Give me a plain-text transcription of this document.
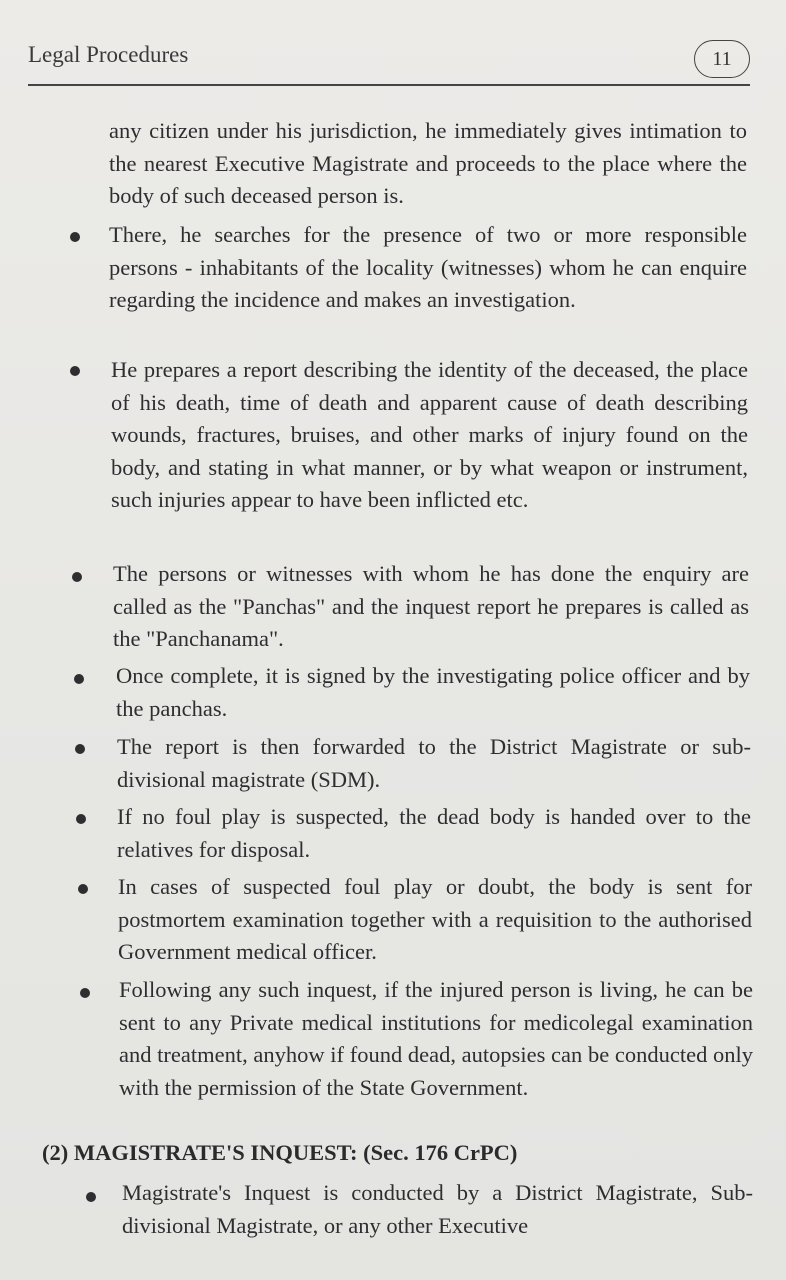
Legal Procedures	11
any citizen under his jurisdiction, he immediately gives intimation to the nearest Executive Magistrate and proceeds to the place where the body of such deceased person is.
There, he searches for the presence of two or more responsible persons - inhabitants of the locality (witnesses) whom he can enquire regarding the incidence and makes an investigation.
He prepares a report describing the identity of the deceased, the place of his death, time of death and apparent cause of death describing wounds, fractures, bruises, and other marks of injury found on the body, and stating in what manner, or by what weapon or instrument, such injuries appear to have been inflicted etc.
The persons or witnesses with whom he has done the enquiry are called as the "Panchas" and the inquest report he prepares is called as the "Panchanama".
Once complete, it is signed by the investigating police officer and by the panchas.
The report is then forwarded to the District Magistrate or sub-divisional magistrate (SDM).
If no foul play is suspected, the dead body is handed over to the relatives for disposal.
In cases of suspected foul play or doubt, the body is sent for postmortem examination together with a requisition to the authorised Government medical officer.
Following any such inquest, if the injured person is living, he can be sent to any Private medical institutions for medicolegal examination and treatment, anyhow if found dead, autopsies can be conducted only with the permission of the State Government.
(2) MAGISTRATE'S INQUEST: (Sec. 176 CrPC)
Magistrate's Inquest is conducted by a District Magistrate, Sub-divisional Magistrate, or any other Executive
